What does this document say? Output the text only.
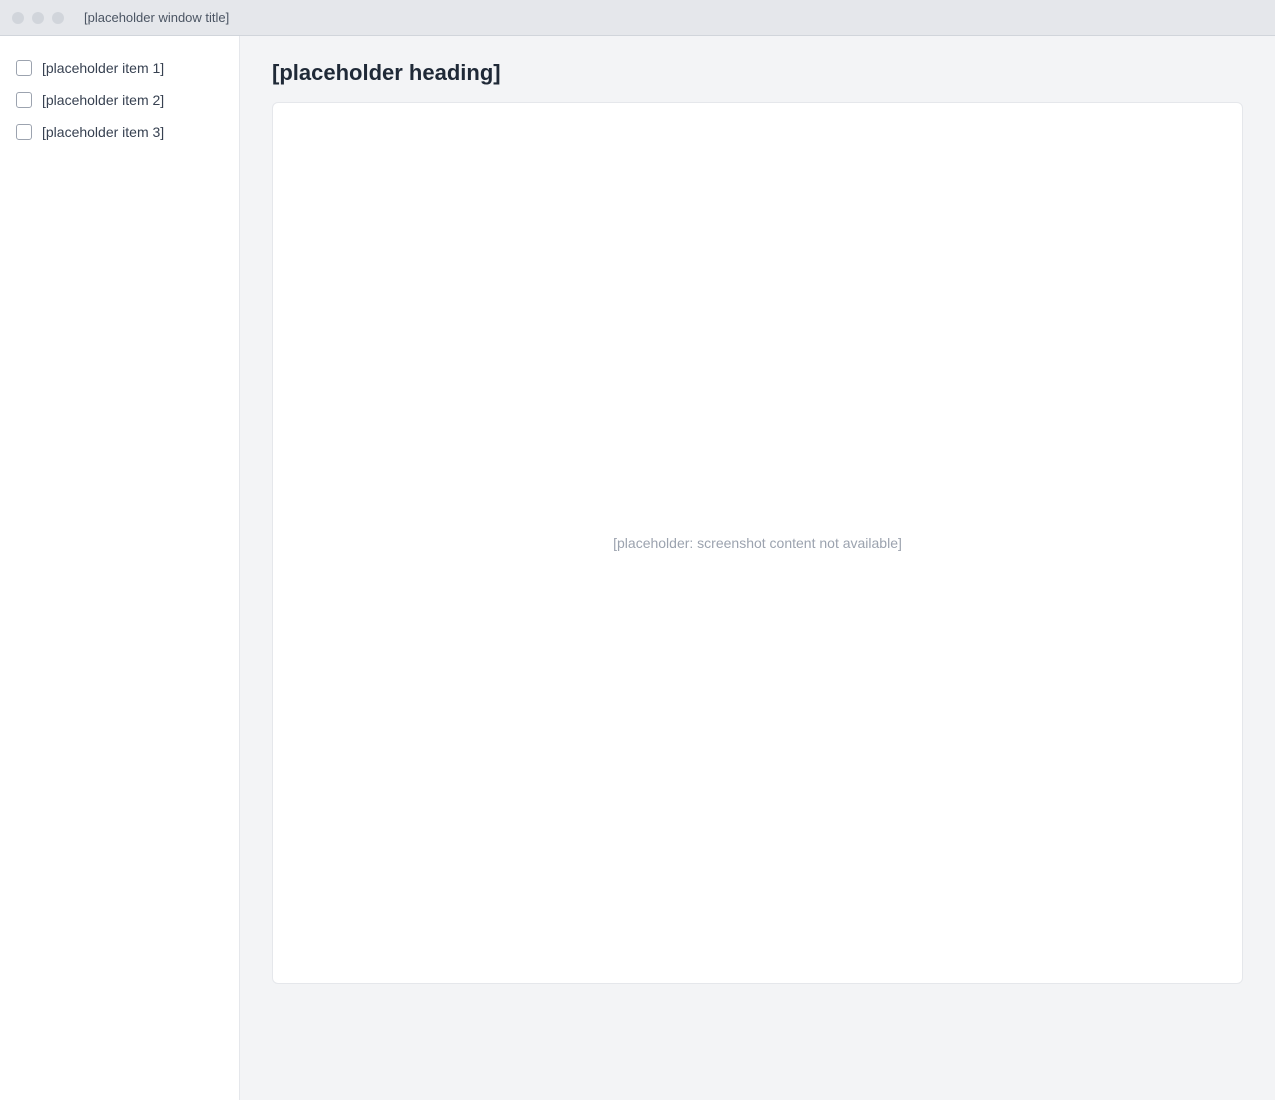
[placeholder window title]
[placeholder item 1]
[placeholder item 2]
[placeholder item 3]
[placeholder heading]
[placeholder: screenshot content not available]
